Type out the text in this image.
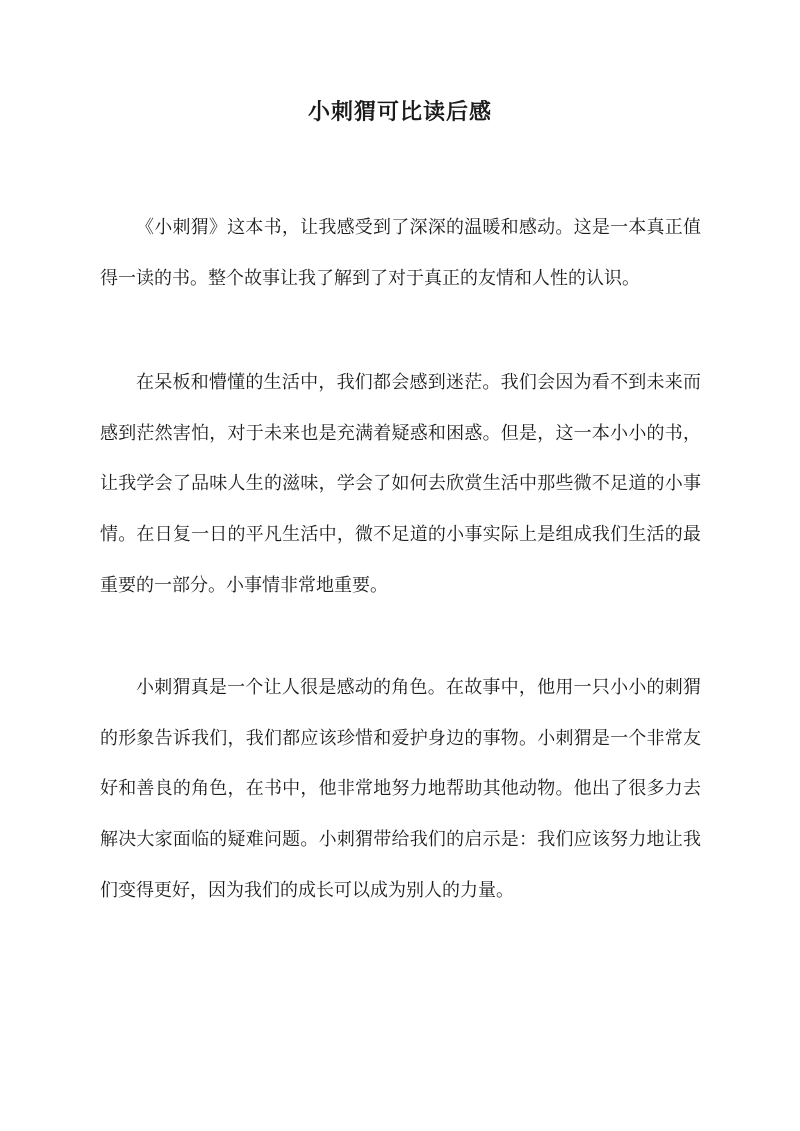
小刺猬可比读后感

《小刺猬》这本书，让我感受到了深深的温暖和感动。这是一本真正值得一读的书。整个故事让我了解到了对于真正的友情和人性的认识。

在呆板和懵懂的生活中，我们都会感到迷茫。我们会因为看不到未来而感到茫然害怕，对于未来也是充满着疑惑和困惑。但是，这一本小小的书，让我学会了品味人生的滋味，学会了如何去欣赏生活中那些微不足道的小事情。在日复一日的平凡生活中，微不足道的小事实际上是组成我们生活的最重要的一部分。小事情非常地重要。

小刺猬真是一个让人很是感动的角色。在故事中，他用一只小小的刺猬的形象告诉我们，我们都应该珍惜和爱护身边的事物。小刺猬是一个非常友好和善良的角色，在书中，他非常地努力地帮助其他动物。他出了很多力去解决大家面临的疑难问题。小刺猬带给我们的启示是：我们应该努力地让我们变得更好，因为我们的成长可以成为别人的力量。
